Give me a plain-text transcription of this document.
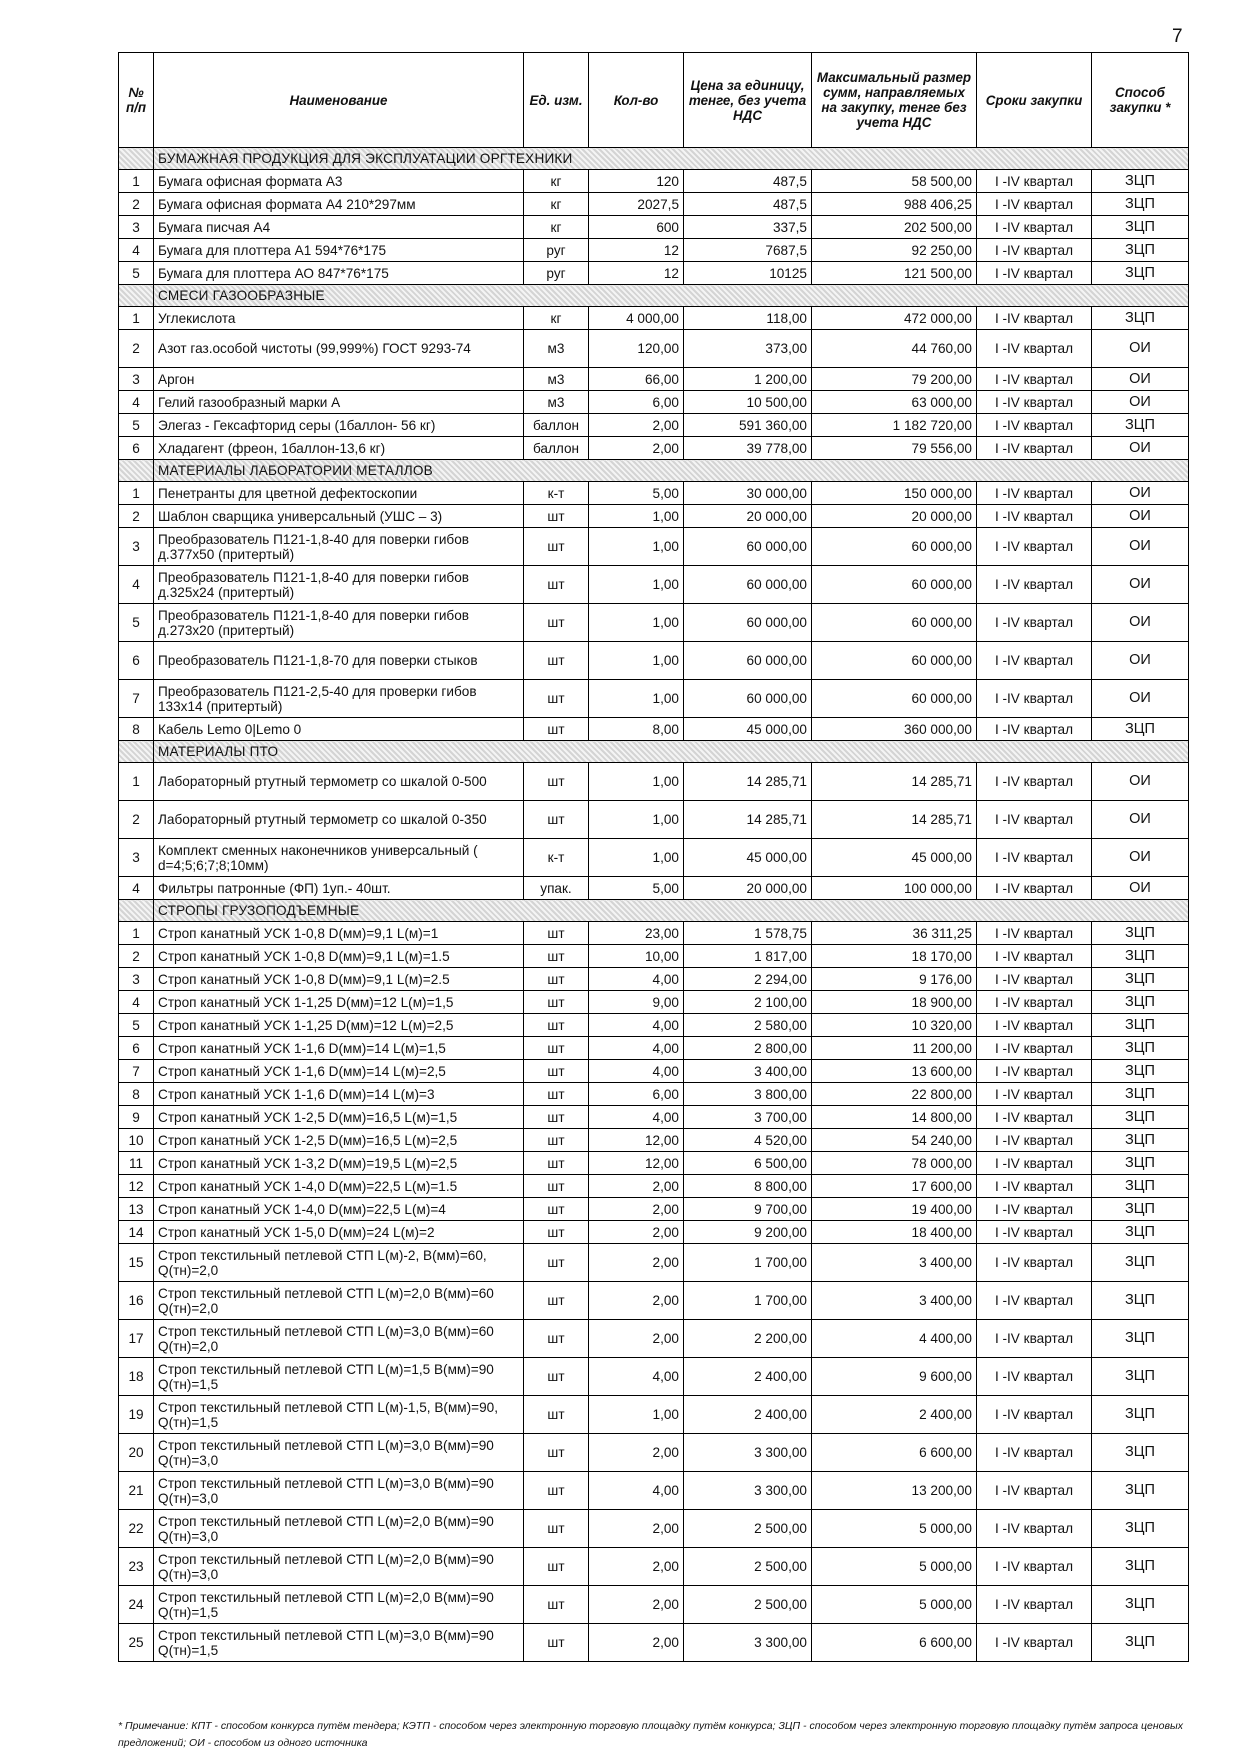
7
№ п/п	Наименование	Ед. изм.	Кол-во	Цена за единицу, тенге, без учета НДС	Максимальный размер сумм, направляемых на закупку, тенге без учета НДС	Сроки закупки	Способ закупки *
	БУМАЖНАЯ ПРОДУКЦИЯ ДЛЯ ЭКСПЛУАТАЦИИ ОРГТЕХНИКИ						
1	Бумага офисная формата А3	кг	120	487,5	58 500,00	I -IV квартал	ЗЦП
2	Бумага офисная формата А4 210*297мм	кг	2027,5	487,5	988 406,25	I -IV квартал	ЗЦП
3	Бумага писчая А4	кг	600	337,5	202 500,00	I -IV квартал	ЗЦП
4	Бумага для плоттера А1 594*76*175	руг	12	7687,5	92 250,00	I -IV квартал	ЗЦП
5	Бумага для плоттера АО 847*76*175	руг	12	10125	121 500,00	I -IV квартал	ЗЦП
	СМЕСИ ГАЗООБРАЗНЫЕ						
1	Углекислота	кг	4 000,00	118,00	472 000,00	I -IV квартал	ЗЦП
2	Азот газ.особой чистоты (99,999%) ГОСТ 9293-74	м3	120,00	373,00	44 760,00	I -IV квартал	ОИ
3	Аргон	м3	66,00	1 200,00	79 200,00	I -IV квартал	ОИ
4	Гелий газообразный марки А	м3	6,00	10 500,00	63 000,00	I -IV квартал	ОИ
5	Элегаз - Гексафторид серы (1баллон- 56 кг)	баллон	2,00	591 360,00	1 182 720,00	I -IV квартал	ЗЦП
6	Хладагент (фреон, 1баллон-13,6 кг)	баллон	2,00	39 778,00	79 556,00	I -IV квартал	ОИ
	МАТЕРИАЛЫ ЛАБОРАТОРИИ МЕТАЛЛОВ						
1	Пенетранты для цветной дефектоскопии	к-т	5,00	30 000,00	150 000,00	I -IV квартал	ОИ
2	Шаблон сварщика универсальный (УШС – 3)	шт	1,00	20 000,00	20 000,00	I -IV квартал	ОИ
3	Преобразователь П121-1,8-40 для поверки гибов д.377х50 (притертый)	шт	1,00	60 000,00	60 000,00	I -IV квартал	ОИ
4	Преобразователь П121-1,8-40 для поверки гибов д.325х24 (притертый)	шт	1,00	60 000,00	60 000,00	I -IV квартал	ОИ
5	Преобразователь П121-1,8-40 для поверки гибов д.273х20 (притертый)	шт	1,00	60 000,00	60 000,00	I -IV квартал	ОИ
6	Преобразователь П121-1,8-70 для поверки стыков	шт	1,00	60 000,00	60 000,00	I -IV квартал	ОИ
7	Преобразователь П121-2,5-40 для проверки гибов 133х14 (притертый)	шт	1,00	60 000,00	60 000,00	I -IV квартал	ОИ
8	Кабель Lemo 0|Lemo 0	шт	8,00	45 000,00	360 000,00	I -IV квартал	ЗЦП
	МАТЕРИАЛЫ ПТО						
1	Лабораторный ртутный термометр со шкалой 0-500	шт	1,00	14 285,71	14 285,71	I -IV квартал	ОИ
2	Лабораторный ртутный термометр со шкалой 0-350	шт	1,00	14 285,71	14 285,71	I -IV квартал	ОИ
3	Комплект сменных наконечников универсальный ( d=4;5;6;7;8;10мм)	к-т	1,00	45 000,00	45 000,00	I -IV квартал	ОИ
4	Фильтры патронные (ФП) 1уп.- 40шт.	упак.	5,00	20 000,00	100 000,00	I -IV квартал	ОИ
	СТРОПЫ ГРУЗОПОДЪЕМНЫЕ						
1	Строп канатный УСК 1-0,8 D(мм)=9,1 L(м)=1	шт	23,00	1 578,75	36 311,25	I -IV квартал	ЗЦП
2	Строп канатный УСК 1-0,8 D(мм)=9,1 L(м)=1.5	шт	10,00	1 817,00	18 170,00	I -IV квартал	ЗЦП
3	Строп канатный УСК 1-0,8 D(мм)=9,1 L(м)=2.5	шт	4,00	2 294,00	9 176,00	I -IV квартал	ЗЦП
4	Строп канатный УСК 1-1,25 D(мм)=12 L(м)=1,5	шт	9,00	2 100,00	18 900,00	I -IV квартал	ЗЦП
5	Строп канатный УСК 1-1,25 D(мм)=12 L(м)=2,5	шт	4,00	2 580,00	10 320,00	I -IV квартал	ЗЦП
6	Строп канатный УСК 1-1,6 D(мм)=14 L(м)=1,5	шт	4,00	2 800,00	11 200,00	I -IV квартал	ЗЦП
7	Строп канатный УСК 1-1,6 D(мм)=14 L(м)=2,5	шт	4,00	3 400,00	13 600,00	I -IV квартал	ЗЦП
8	Строп канатный УСК 1-1,6 D(мм)=14 L(м)=3	шт	6,00	3 800,00	22 800,00	I -IV квартал	ЗЦП
9	Строп канатный УСК 1-2,5 D(мм)=16,5 L(м)=1,5	шт	4,00	3 700,00	14 800,00	I -IV квартал	ЗЦП
10	Строп канатный УСК 1-2,5 D(мм)=16,5 L(м)=2,5	шт	12,00	4 520,00	54 240,00	I -IV квартал	ЗЦП
11	Строп канатный УСК 1-3,2 D(мм)=19,5 L(м)=2,5	шт	12,00	6 500,00	78 000,00	I -IV квартал	ЗЦП
12	Строп канатный УСК 1-4,0 D(мм)=22,5 L(м)=1.5	шт	2,00	8 800,00	17 600,00	I -IV квартал	ЗЦП
13	Строп канатный УСК 1-4,0 D(мм)=22,5 L(м)=4	шт	2,00	9 700,00	19 400,00	I -IV квартал	ЗЦП
14	Строп канатный УСК 1-5,0 D(мм)=24 L(м)=2	шт	2,00	9 200,00	18 400,00	I -IV квартал	ЗЦП
15	Строп текстильный петлевой СТП L(м)-2, B(мм)=60, Q(тн)=2,0	шт	2,00	1 700,00	3 400,00	I -IV квартал	ЗЦП
16	Строп текстильный петлевой СТП L(м)=2,0 B(мм)=60 Q(тн)=2,0	шт	2,00	1 700,00	3 400,00	I -IV квартал	ЗЦП
17	Строп текстильный петлевой СТП L(м)=3,0 B(мм)=60 Q(тн)=2,0	шт	2,00	2 200,00	4 400,00	I -IV квартал	ЗЦП
18	Строп текстильный петлевой СТП L(м)=1,5 B(мм)=90 Q(тн)=1,5	шт	4,00	2 400,00	9 600,00	I -IV квартал	ЗЦП
19	Строп текстильный петлевой СТП L(м)-1,5, B(мм)=90, Q(тн)=1,5	шт	1,00	2 400,00	2 400,00	I -IV квартал	ЗЦП
20	Строп текстильный петлевой СТП L(м)=3,0 B(мм)=90 Q(тн)=3,0	шт	2,00	3 300,00	6 600,00	I -IV квартал	ЗЦП
21	Строп текстильный петлевой СТП L(м)=3,0 B(мм)=90 Q(тн)=3,0	шт	4,00	3 300,00	13 200,00	I -IV квартал	ЗЦП
22	Строп текстильный петлевой СТП L(м)=2,0 B(мм)=90 Q(тн)=3,0	шт	2,00	2 500,00	5 000,00	I -IV квартал	ЗЦП
23	Строп текстильный петлевой СТП L(м)=2,0 B(мм)=90 Q(тн)=3,0	шт	2,00	2 500,00	5 000,00	I -IV квартал	ЗЦП
24	Строп текстильный петлевой СТП L(м)=2,0 B(мм)=90 Q(тн)=1,5	шт	2,00	2 500,00	5 000,00	I -IV квартал	ЗЦП
25	Строп текстильный петлевой СТП L(м)=3,0 B(мм)=90 Q(тн)=1,5	шт	2,00	3 300,00	6 600,00	I -IV квартал	ЗЦП
* Примечание: КПТ - способом конкурса путём тендера; КЭТП - способом через электронную торговую площадку путём конкурса; ЗЦП - способом через электронную торговую площадку путём запроса ценовых предложений; ОИ - способом из одного источника
